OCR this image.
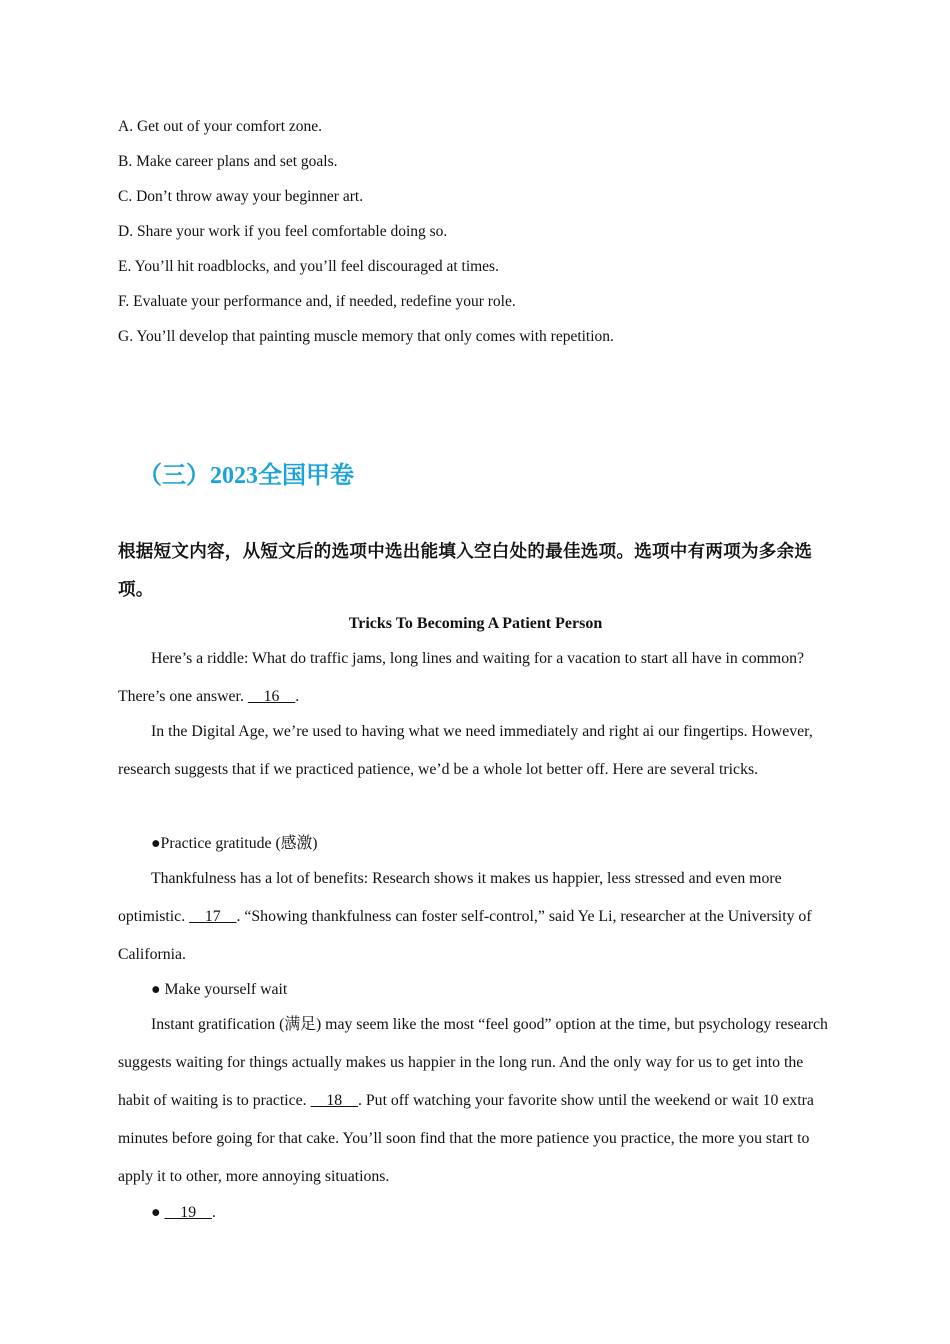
A. Get out of your comfort zone.
B. Make career plans and set goals.
C. Don’t throw away your beginner art.
D. Share your work if you feel comfortable doing so.
E. You’ll hit roadblocks, and you’ll feel discouraged at times.
F. Evaluate your performance and, if needed, redefine your role.
G. You’ll develop that painting muscle memory that only comes with repetition.
（三）2023全国甲卷
根据短文内容，从短文后的选项中选出能填入空白处的最佳选项。选项中有两项为多余选项。
Tricks To Becoming A Patient Person
Here’s a riddle: What do traffic jams, long lines and waiting for a vacation to start all have in common? There’s one answer.     16    .
In the Digital Age, we’re used to having what we need immediately and right ai our fingertips. However, research suggests that if we practiced patience, we’d be a whole lot better off. Here are several tricks.
●Practice gratitude (感激)
Thankfulness has a lot of benefits: Research shows it makes us happier, less stressed and even more optimistic.     17    . “Showing thankfulness can foster self-control,” said Ye Li, researcher at the University of California.
● Make yourself wait
Instant gratification (满足) may seem like the most “feel good” option at the time, but psychology research suggests waiting for things actually makes us happier in the long run. And the only way for us to get into the habit of waiting is to practice.     18    . Put off watching your favorite show until the weekend or wait 10 extra minutes before going for that cake. You’ll soon find that the more patience you practice, the more you start to apply it to other, more annoying situations.
●     19    .
